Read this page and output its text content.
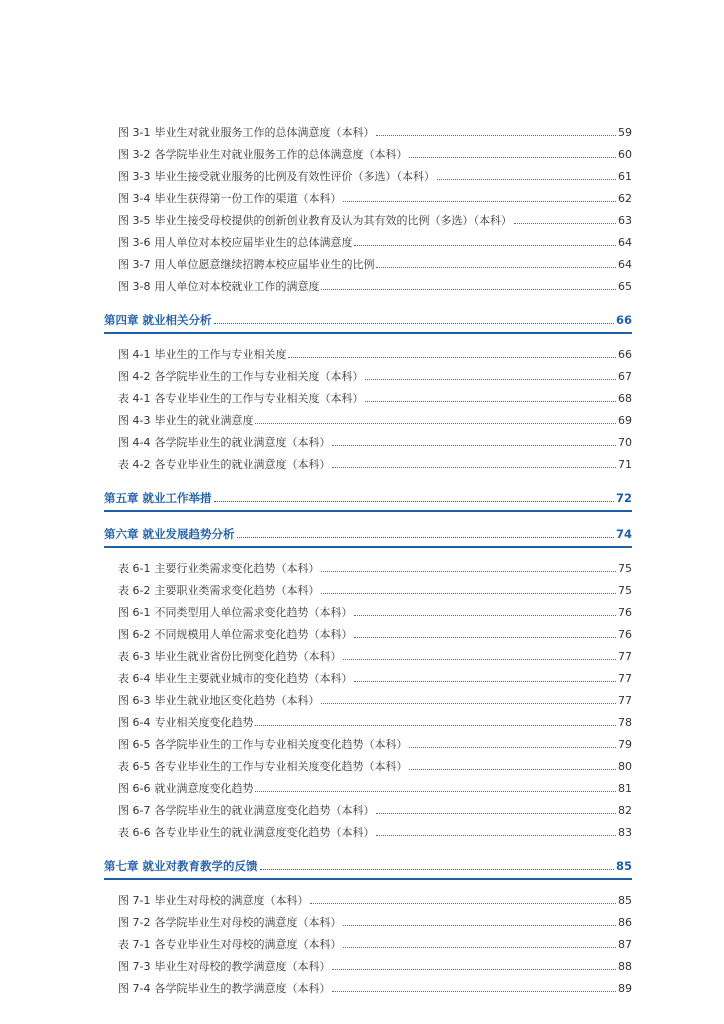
图 3-1 毕业生对就业服务工作的总体满意度（本科）	59
图 3-2 各学院毕业生对就业服务工作的总体满意度（本科）	60
图 3-3 毕业生接受就业服务的比例及有效性评价（多选）（本科）	61
图 3-4 毕业生获得第一份工作的渠道（本科）	62
图 3-5 毕业生接受母校提供的创新创业教育及认为其有效的比例（多选）（本科）	63
图 3-6 用人单位对本校应届毕业生的总体满意度	64
图 3-7 用人单位愿意继续招聘本校应届毕业生的比例	64
图 3-8 用人单位对本校就业工作的满意度	65
第四章 就业相关分析	66
图 4-1 毕业生的工作与专业相关度	66
图 4-2 各学院毕业生的工作与专业相关度（本科）	67
表 4-1 各专业毕业生的工作与专业相关度（本科）	68
图 4-3 毕业生的就业满意度	69
图 4-4 各学院毕业生的就业满意度（本科）	70
表 4-2 各专业毕业生的就业满意度（本科）	71
第五章 就业工作举措	72
第六章 就业发展趋势分析	74
表 6-1 主要行业类需求变化趋势（本科）	75
表 6-2 主要职业类需求变化趋势（本科）	75
图 6-1 不同类型用人单位需求变化趋势（本科）	76
图 6-2 不同规模用人单位需求变化趋势（本科）	76
表 6-3 毕业生就业省份比例变化趋势（本科）	77
表 6-4 毕业生主要就业城市的变化趋势（本科）	77
图 6-3 毕业生就业地区变化趋势（本科）	77
图 6-4 专业相关度变化趋势	78
图 6-5 各学院毕业生的工作与专业相关度变化趋势（本科）	79
表 6-5 各专业毕业生的工作与专业相关度变化趋势（本科）	80
图 6-6 就业满意度变化趋势	81
图 6-7 各学院毕业生的就业满意度变化趋势（本科）	82
表 6-6 各专业毕业生的就业满意度变化趋势（本科）	83
第七章 就业对教育教学的反馈	85
图 7-1 毕业生对母校的满意度（本科）	85
图 7-2 各学院毕业生对母校的满意度（本科）	86
表 7-1 各专业毕业生对母校的满意度（本科）	87
图 7-3 毕业生对母校的教学满意度（本科）	88
图 7-4 各学院毕业生的教学满意度（本科）	89
